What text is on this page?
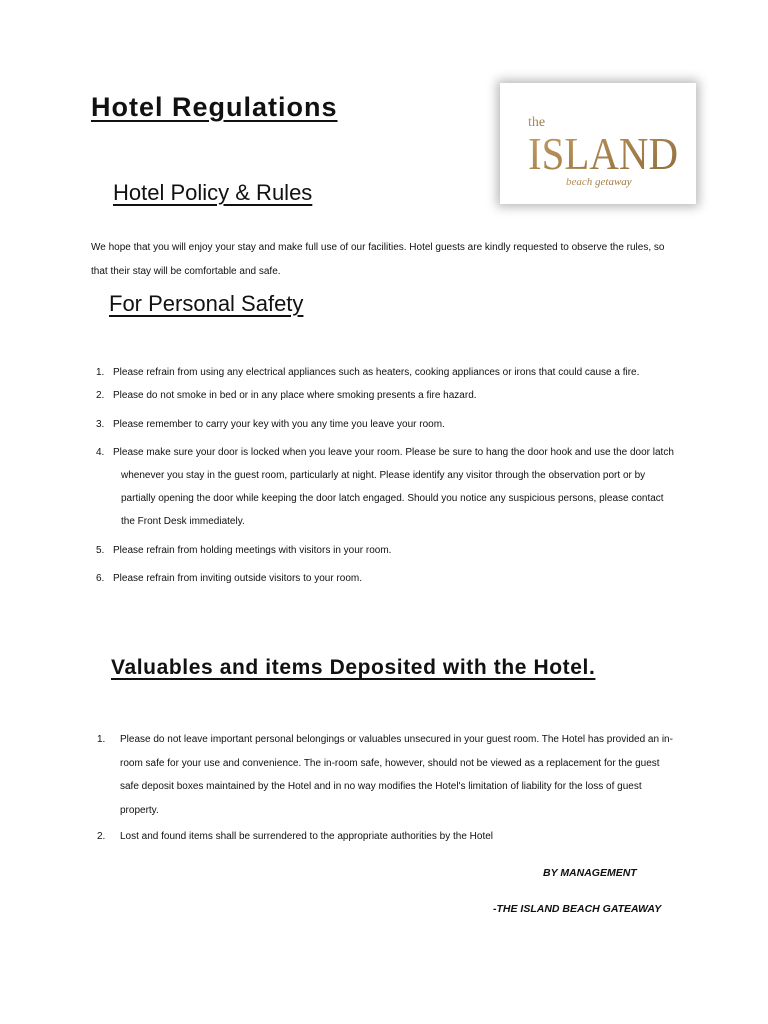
Hotel Regulations
the
ISLAND
beach getaway
Hotel Policy & Rules

We hope that you will enjoy your stay and make full use of our facilities. Hotel guests are kindly requested to observe the rules, so that their stay will be comfortable and safe.

For Personal Safety
1. Please refrain from using any electrical appliances such as heaters, cooking appliances or irons that could cause a fire.
2. Please do not smoke in bed or in any place where smoking presents a fire hazard.
3. Please remember to carry your key with you any time you leave your room.
4. Please make sure your door is locked when you leave your room. Please be sure to hang the door hook and use the door latch
whenever you stay in the guest room, particularly at night. Please identify any visitor through the observation port or by
partially opening the door while keeping the door latch engaged. Should you notice any suspicious persons, please contact
the Front Desk immediately.
5. Please refrain from holding meetings with visitors in your room.
6. Please refrain from inviting outside visitors to your room.
Valuables and items Deposited with the Hotel.
1. Please do not leave important personal belongings or valuables unsecured in your guest room. The Hotel has provided an in-
room safe for your use and convenience. The in-room safe, however, should not be viewed as a replacement for the guest
safe deposit boxes maintained by the Hotel and in no way modifies the Hotel's limitation of liability for the loss of guest
property.
2. Lost and found items shall be surrendered to the appropriate authorities by the Hotel

BY MANAGEMENT

-THE ISLAND BEACH GATEAWAY
